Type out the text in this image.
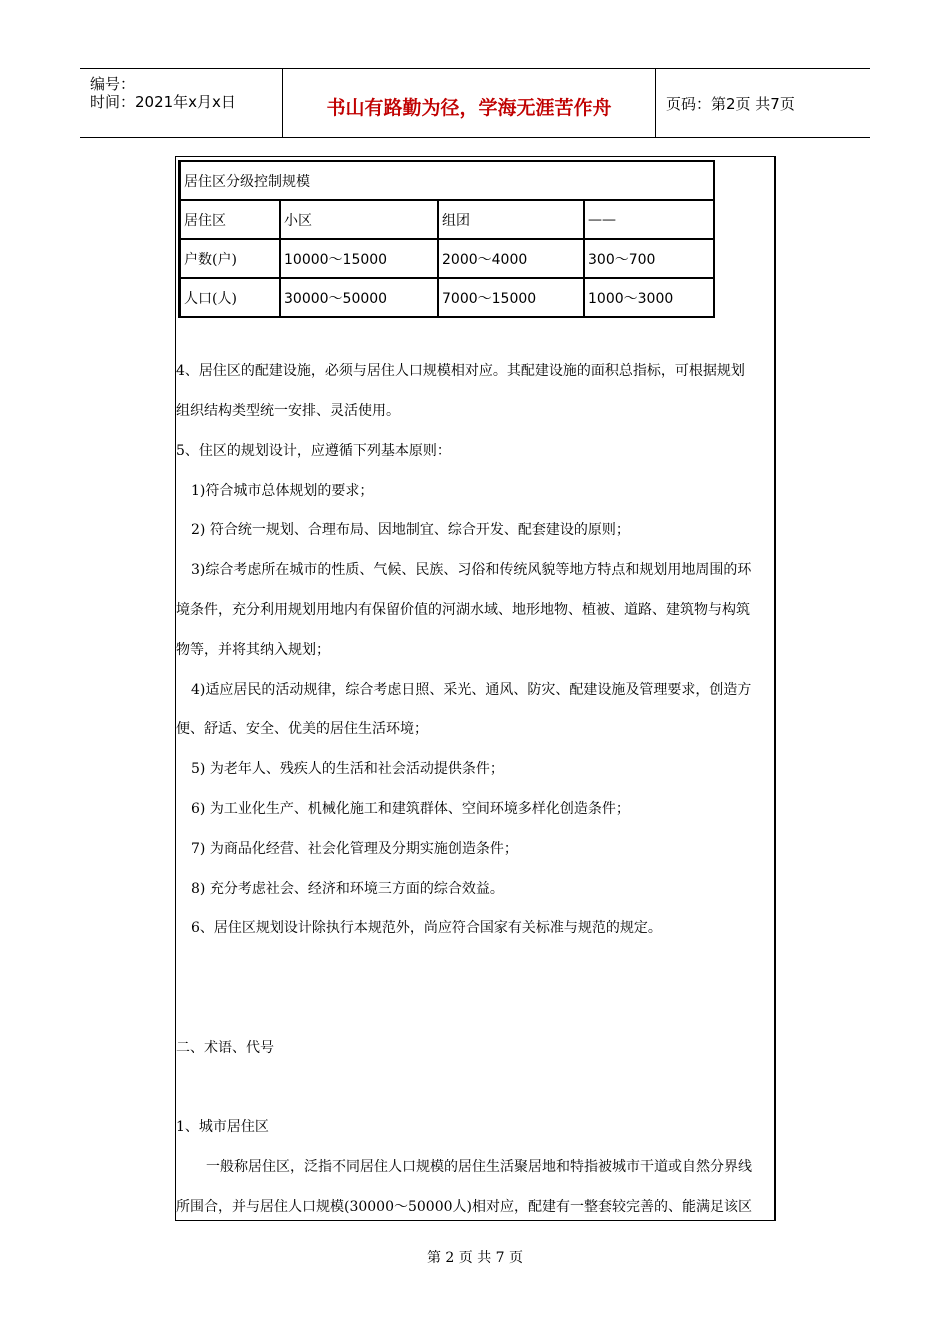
编号：
时间：2021年x月x日	书山有路勤为径，学海无涯苦作舟	页码：第2页 共7页
居住区分级控制规模			
居住区	小区	组团	——
户数(户)	10000～15000	2000～4000	300～700
人口(人)	30000～50000	7000～15000	1000～3000
4、居住区的配建设施，必须与居住人口规模相对应。其配建设施的面积总指标，可根据规划
组织结构类型统一安排、灵活使用。
5、住区的规划设计，应遵循下列基本原则：
1)符合城市总体规划的要求；
2) 符合统一规划、合理布局、因地制宜、综合开发、配套建设的原则；
3)综合考虑所在城市的性质、气候、民族、习俗和传统风貌等地方特点和规划用地周围的环
境条件，充分利用规划用地内有保留价值的河湖水域、地形地物、植被、道路、建筑物与构筑
物等，并将其纳入规划；
4)适应居民的活动规律，综合考虑日照、采光、通风、防灾、配建设施及管理要求，创造方
便、舒适、安全、优美的居住生活环境；
5) 为老年人、残疾人的生活和社会活动提供条件；
6) 为工业化生产、机械化施工和建筑群体、空间环境多样化创造条件；
7) 为商品化经营、社会化管理及分期实施创造条件；
8) 充分考虑社会、经济和环境三方面的综合效益。
6、居住区规划设计除执行本规范外，尚应符合国家有关标准与规范的规定。
二、术语、代号
1、城市居住区
一般称居住区，泛指不同居住人口规模的居住生活聚居地和特指被城市干道或自然分界线
所围合，并与居住人口规模(30000～50000人)相对应，配建有一整套较完善的、能满足该区
第 2 页 共 7 页
